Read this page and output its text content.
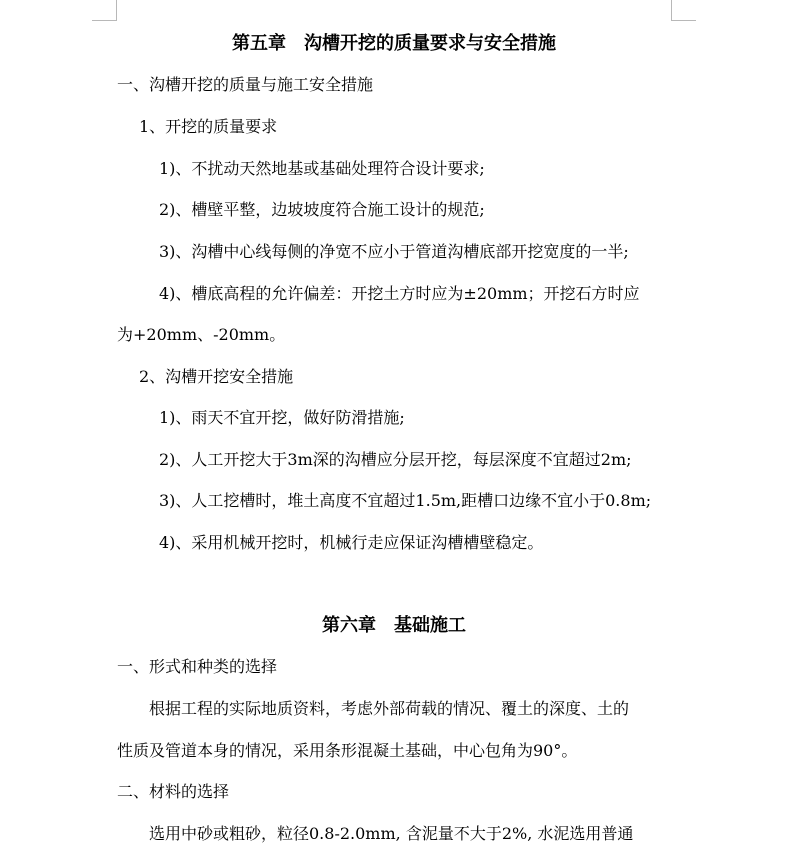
第五章　沟槽开挖的质量要求与安全措施
一、沟槽开挖的质量与施工安全措施
1、开挖的质量要求
1)、不扰动天然地基或基础处理符合设计要求;
2)、槽壁平整，边坡坡度符合施工设计的规范;
3)、沟槽中心线每侧的净宽不应小于管道沟槽底部开挖宽度的一半;
4)、槽底高程的允许偏差：开挖土方时应为±20mm；开挖石方时应
为+20mm、-20mm。
2、沟槽开挖安全措施
1)、雨天不宜开挖，做好防滑措施;
2)、人工开挖大于3m深的沟槽应分层开挖，每层深度不宜超过2m;
3)、人工挖槽时，堆土高度不宜超过1.5m,距槽口边缘不宜小于0.8m;
4)、采用机械开挖时，机械行走应保证沟槽槽壁稳定。
第六章　基础施工
一、形式和种类的选择
根据工程的实际地质资料，考虑外部荷载的情况、覆土的深度、土的
性质及管道本身的情况，采用条形混凝土基础，中心包角为90°。
二、材料的选择
选用中砂或粗砂，粒径0.8-2.0mm, 含泥量不大于2%, 水泥选用普通
